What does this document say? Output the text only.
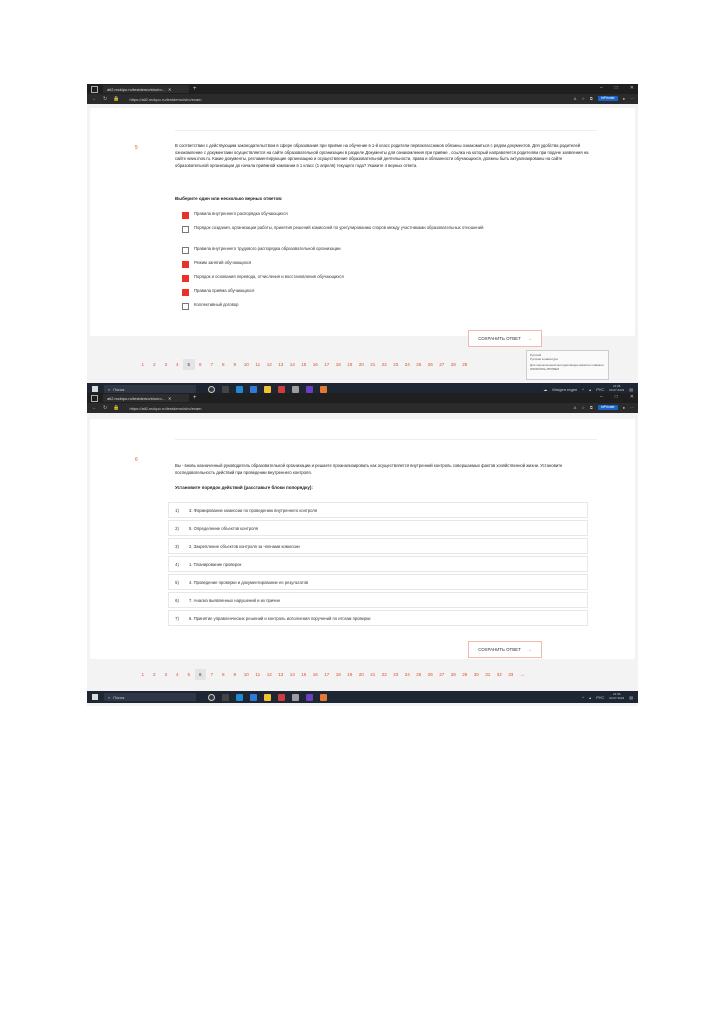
ati2.mckipo.ru/testdemo/sho/ro... ✕	+	– □ ✕
← ↻ 🔒	https://ati2.mckpo.ru/testdemo/sho/exam	A ☆ ⧉	InPrivate	● ···
5	В соответствии с действующим законодательством в сфере образования при приёме на обучение в 1-й класс родители первоклассников обязаны ознакомиться с рядом документов. Для удобства родителей ознакомление с документами осуществляется на сайте образовательной организации в разделе Документы для ознакомления при приёме , ссылка на который направляется родителям при подаче заявления на сайте www.mos.ru. Какие документы, регламентирующие организацию и осуществление образовательной деятельности, права и обязанности обучающихся, должны быть актуализированы на сайте образовательной организации до начала приёмной кампании в 1 класс (1 апреля) текущего года? Укажите 4 верных ответа.
Выберите один или несколько верных ответов:
Правила внутреннего распорядка обучающихся
Порядок создания, организации работы, принятия решений комиссией по урегулированию споров между участниками образовательных отношений
Правила внутреннего трудового распорядка образовательной организации
Режим занятий обучающихся
Порядок и основания перевода, отчисления и восстановления обучающихся
Правила приёма обучающихся
Коллективный договор
СОХРАНИТЬ ОТВЕТ →
1	2	3	4	5	6	7	8	9	10	11	12	13	14	15	16	17	18	19	20	21	22	23	24	25	26	27	28	29
Русский
Русская клавиатура
Для переключения методов ввода нажмите клавиши WINDOWS+ПРОБЕЛ
⌕ Поиск	☁ Morgen regen ^ ▴ РУС
21:06
04.07.2023 ▤
ati2.mckipo.ru/testdemo/sho/ro... ✕	+	– □ ✕
← ↻ 🔒	https://ati2.mckpo.ru/testdemo/sho/exam	A ☆ ⧉	InPrivate	● ···
6
Вы - вновь назначенный руководитель образовательной организации и решаете проанализировать как осуществляется внутренний контроль совершаемых фактов хозяйственной жизни. Установите последовательность действий при проведении внутреннего контроля.
Установите порядок действий (расставьте блоки попорядку):
1)	3. Формирование комиссии по проведению внутреннего контроля
2)	5. Определение объектов контроля
3)	2. Закрепление объектов контроля за членами комиссии
4)	1. Планирование проверок
5)	4. Проведение проверки и документирование ее результатов
6)	7. Анализ выявленных нарушений и их причин
7)	6. Принятие управленческих решений и контроль исполнения поручений по итогам проверки
СОХРАНИТЬ ОТВЕТ →
1	2	3	4	5	6	7	8	9	10	11	12	13	14	15	16	17	18	19	20	21	22	23	24	25	26	27	28	29	30	31	32	33	→
⌕ Поиск	^ ▴ РУС
21:06
04.07.2023 ▤
